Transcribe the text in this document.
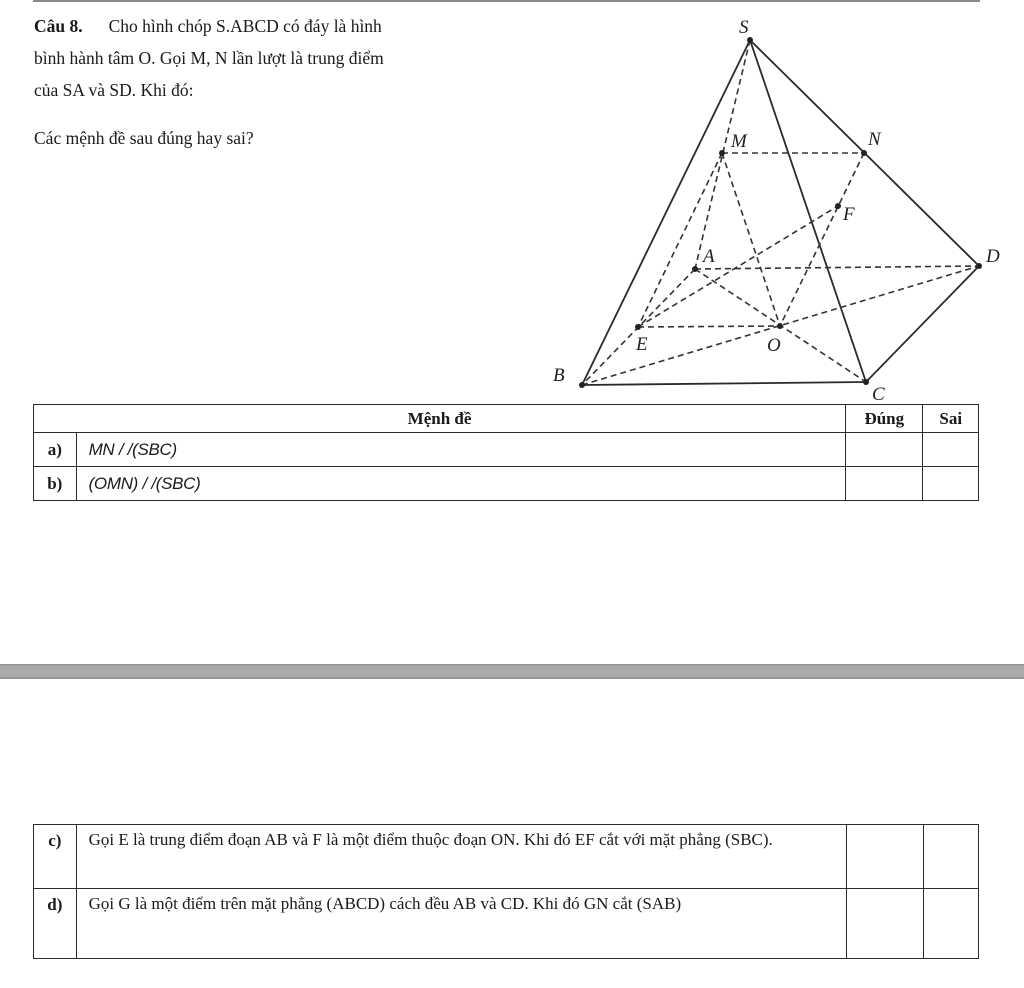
Câu 8. Cho hình chóp S.ABCD có đáy là hình

bình hành tâm O. Gọi M, N lần lượt là trung điểm

của SA và SD. Khi đó:

Các mệnh đề sau đúng hay sai?
S
M	N
F
A	D
E	O
B
C
Mệnh đề		Đúng	Sai
a)	MN / /(SBC)		
b)	(OMN) / /(SBC)		
c)	Gọi E là trung điểm đoạn AB và F là một điểm thuộc đoạn ON. Khi đó EF cắt với mặt phẳng (SBC).		
d)	Gọi G là một điểm trên mặt phẳng (ABCD) cách đều AB và CD. Khi đó GN cắt (SAB)		
